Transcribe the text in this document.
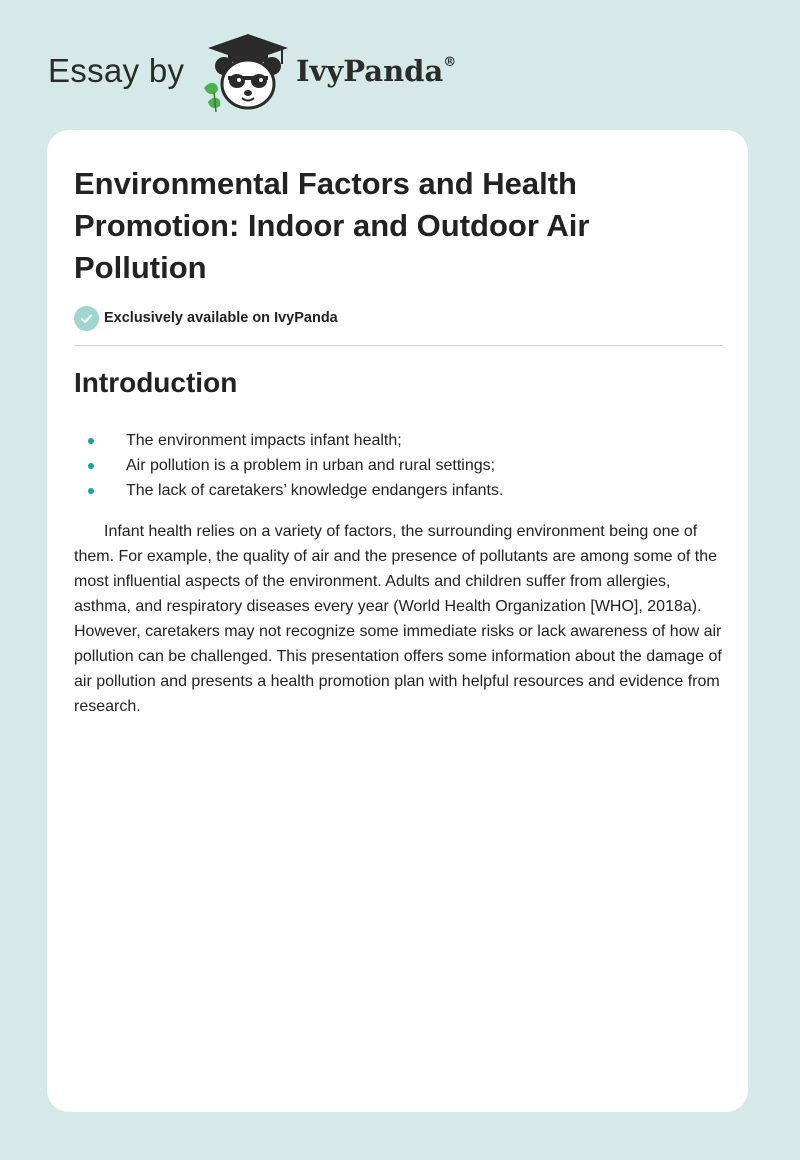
Essay by	IvyPanda®
Environmental Factors and Health Promotion: Indoor and Outdoor Air Pollution
Exclusively available on IvyPanda
Introduction
The environment impacts infant health;
Air pollution is a problem in urban and rural settings;
The lack of caretakers’ knowledge endangers infants.

Infant health relies on a variety of factors, the surrounding environment being one of them. For example, the quality of air and the presence of pollutants are among some of the most influential aspects of the environment. Adults and children suffer from allergies, asthma, and respiratory diseases every year (World Health Organization [WHO], 2018a). However, caretakers may not recognize some immediate risks or lack awareness of how air pollution can be challenged. This presentation offers some information about the damage of air pollution and presents a health promotion plan with helpful resources and evidence from research.
